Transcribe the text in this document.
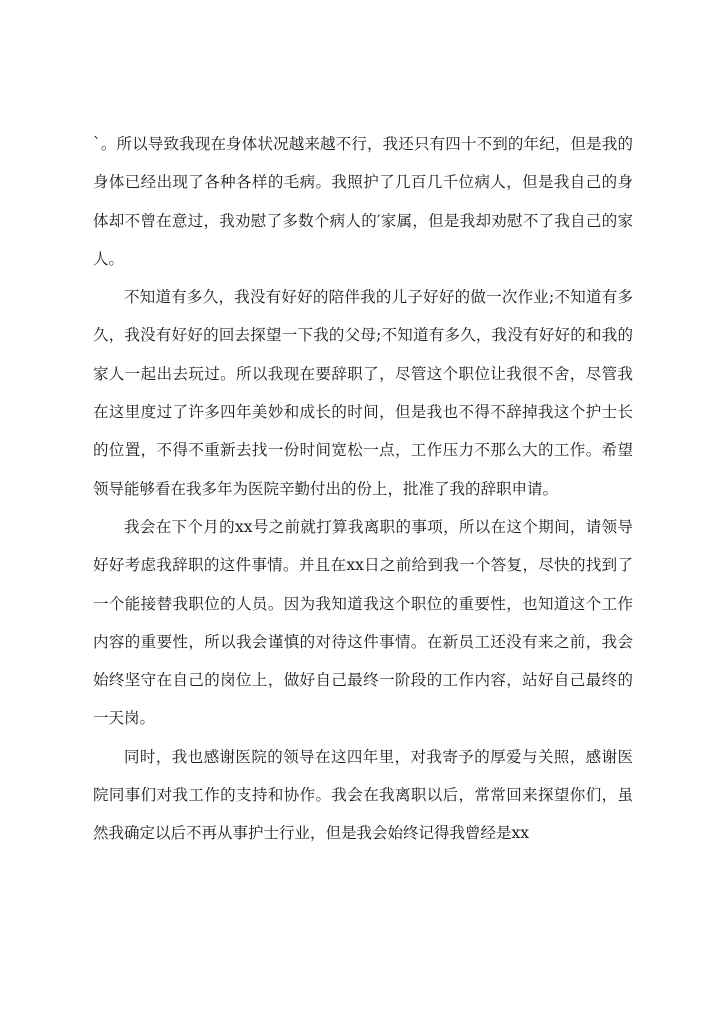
`。所以导致我现在身体状况越来越不行，我还只有四十不到的年纪，但是我的身体已经出现了各种各样的毛病。我照护了几百几千位病人，但是我自己的身体却不曾在意过，我劝慰了多数个病人的′家属，但是我却劝慰不了我自己的家人。

不知道有多久，我没有好好的陪伴我的儿子好好的做一次作业;不知道有多久，我没有好好的回去探望一下我的父母;不知道有多久，我没有好好的和我的家人一起出去玩过。所以我现在要辞职了，尽管这个职位让我很不舍，尽管我在这里度过了许多四年美妙和成长的时间，但是我也不得不辞掉我这个护士长的位置，不得不重新去找一份时间宽松一点，工作压力不那么大的工作。希望领导能够看在我多年为医院辛勤付出的份上，批准了我的辞职申请。

我会在下个月的xx号之前就打算我离职的事项，所以在这个期间，请领导好好考虑我辞职的这件事情。并且在xx日之前给到我一个答复，尽快的找到了一个能接替我职位的人员。因为我知道我这个职位的重要性，也知道这个工作内容的重要性，所以我会谨慎的对待这件事情。在新员工还没有来之前，我会始终坚守在自己的岗位上，做好自己最终一阶段的工作内容，站好自己最终的一天岗。

同时，我也感谢医院的领导在这四年里，对我寄予的厚爱与关照，感谢医院同事们对我工作的支持和协作。我会在我离职以后，常常回来探望你们，虽然我确定以后不再从事护士行业，但是我会始终记得我曾经是xx
